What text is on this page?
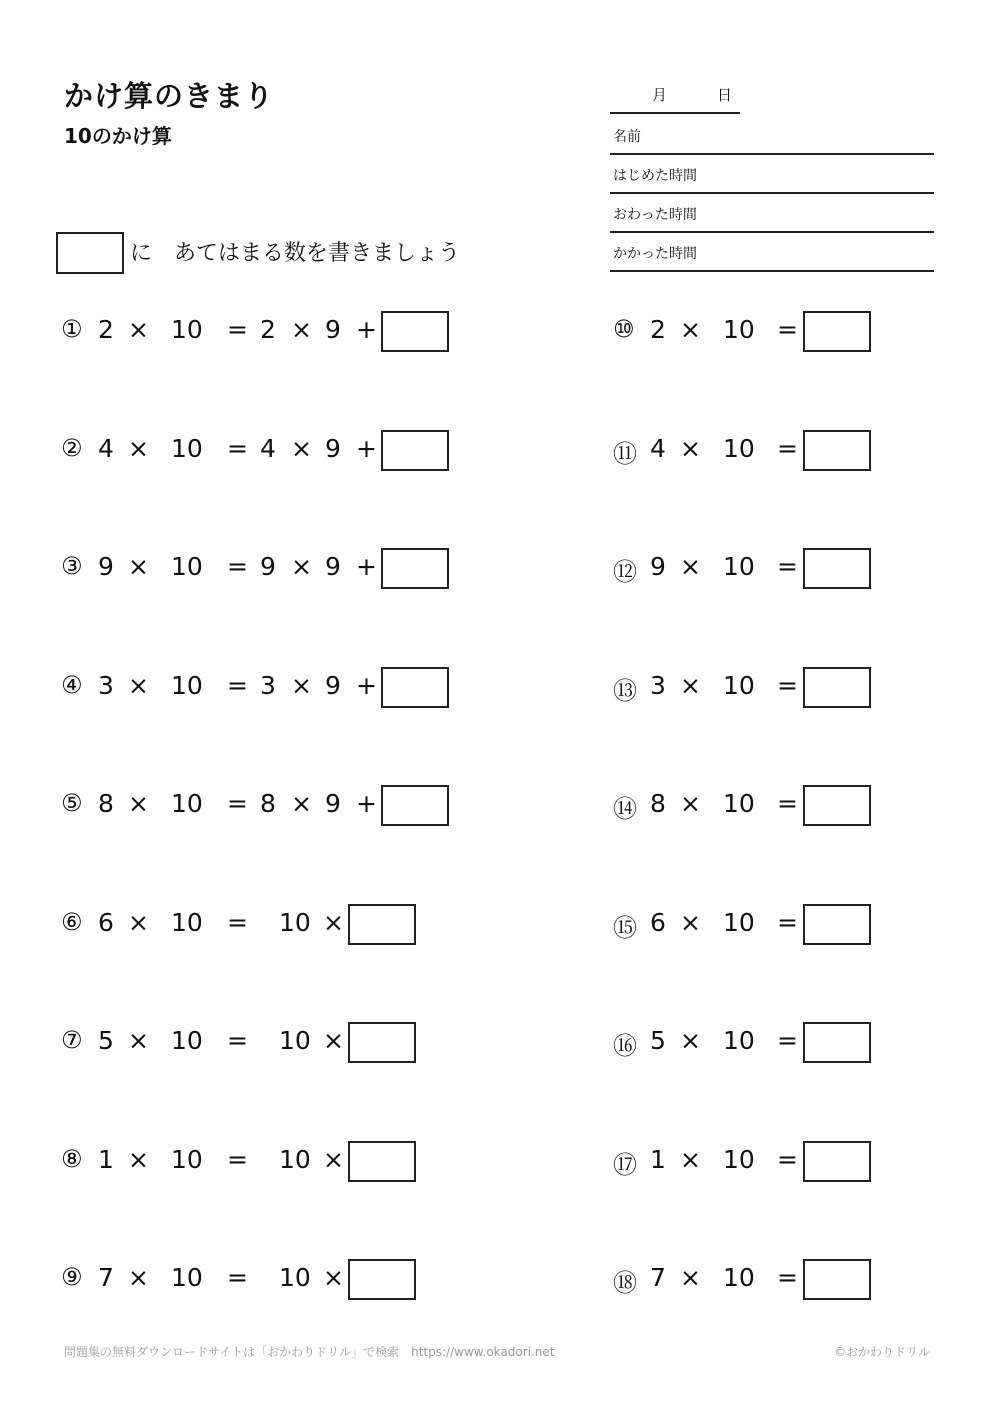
かけ算のきまり
10のかけ算
月	日
名前
はじめた時間
おわった時間
かかった時間
に　あてはまる数を書きましょう
① 2 × 10 = 2 × 9 +
② 4 × 10 = 4 × 9 +
③ 9 × 10 = 9 × 9 +
④ 3 × 10 = 3 × 9 +
⑤ 8 × 10 = 8 × 9 +
⑥ 6 × 10 = 10 ×
⑦ 5 × 10 = 10 ×
⑧ 1 × 10 = 10 ×
⑨ 7 × 10 = 10 ×
⑩ 2 × 10 =
⑪ 4 × 10 =
⑫ 9 × 10 =
⑬ 3 × 10 =
⑭ 8 × 10 =
⑮ 6 × 10 =
⑯ 5 × 10 =
⑰ 1 × 10 =
⑱ 7 × 10 =
問題集の無料ダウンロードサイトは「おかわりドリル」で検索　https://www.okadori.net	©おかわりドリル
